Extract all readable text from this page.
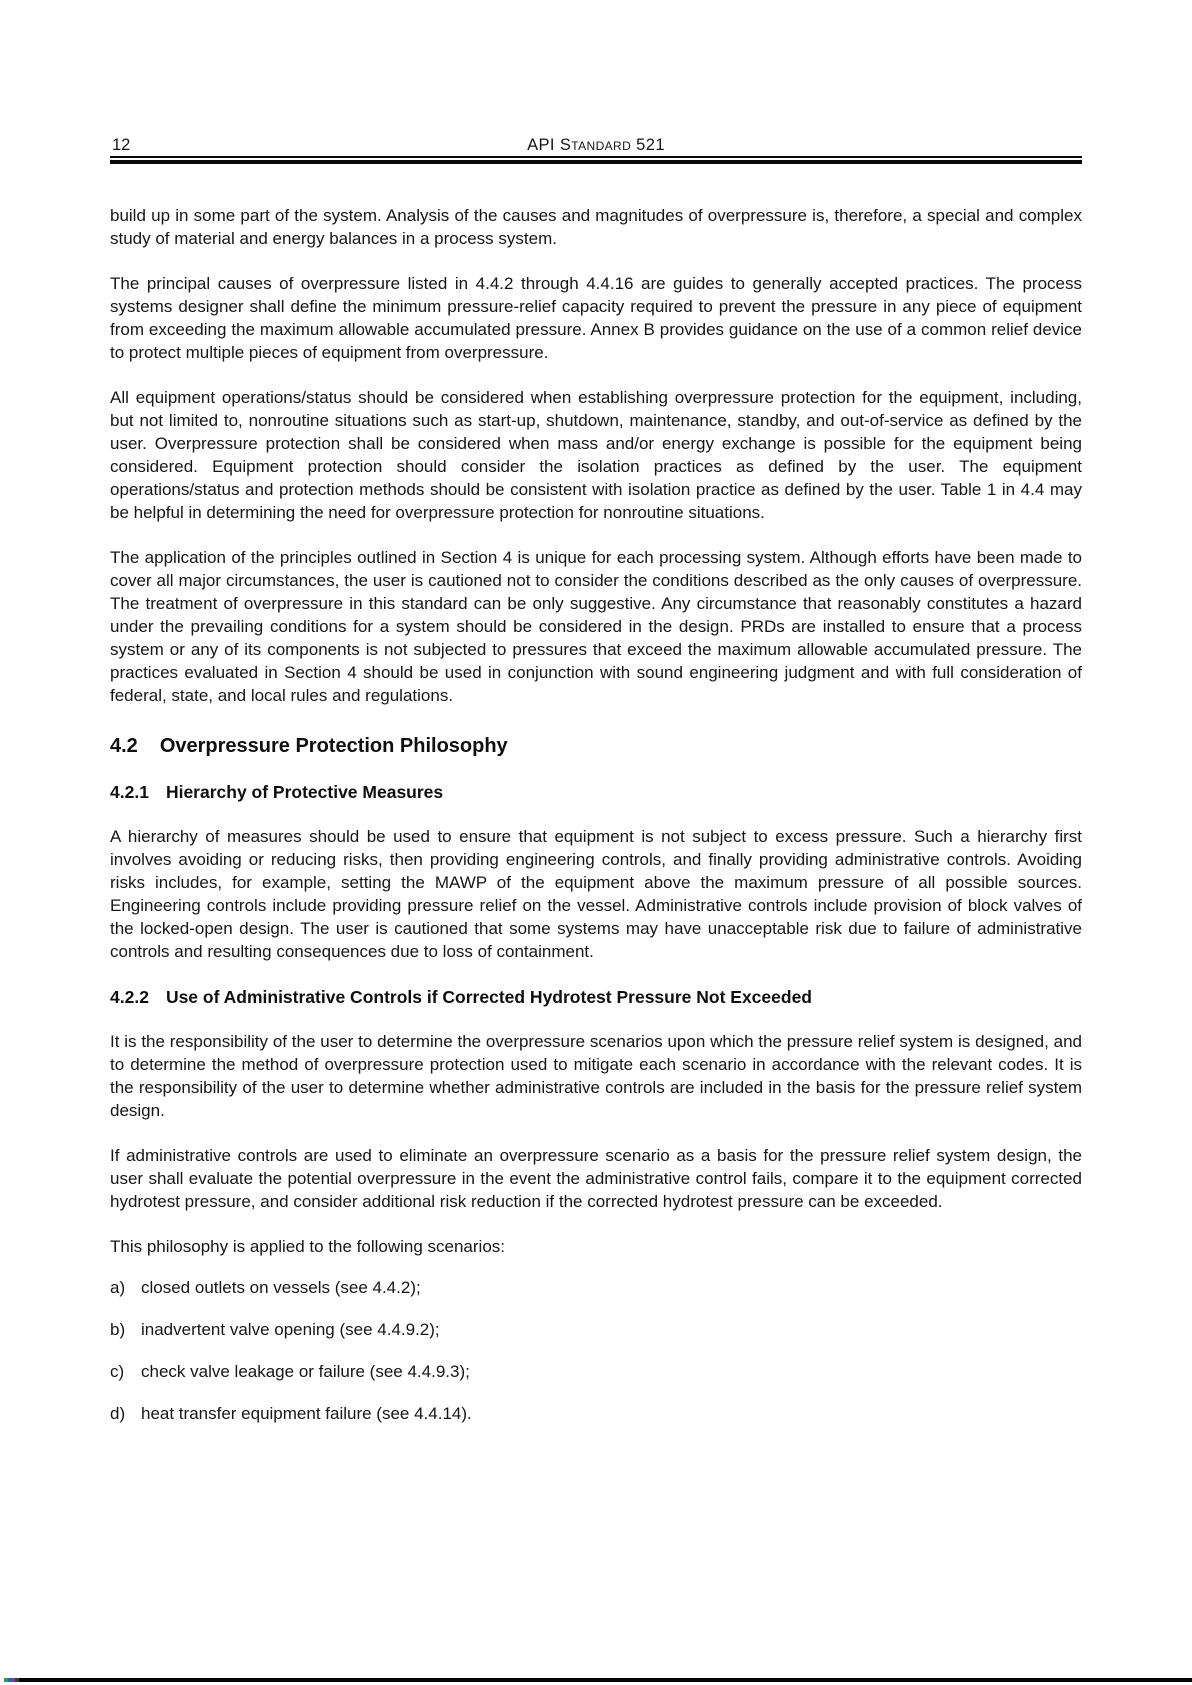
12	API Standard 521

build up in some part of the system. Analysis of the causes and magnitudes of overpressure is, therefore, a special and complex study of material and energy balances in a process system.

The principal causes of overpressure listed in 4.4.2 through 4.4.16 are guides to generally accepted practices. The process systems designer shall define the minimum pressure-relief capacity required to prevent the pressure in any piece of equipment from exceeding the maximum allowable accumulated pressure. Annex B provides guidance on the use of a common relief device to protect multiple pieces of equipment from overpressure.

All equipment operations/status should be considered when establishing overpressure protection for the equipment, including, but not limited to, nonroutine situations such as start-up, shutdown, maintenance, standby, and out-of-service as defined by the user. Overpressure protection shall be considered when mass and/or energy exchange is possible for the equipment being considered. Equipment protection should consider the isolation practices as defined by the user. The equipment operations/status and protection methods should be consistent with isolation practice as defined by the user. Table 1 in 4.4 may be helpful in determining the need for overpressure protection for nonroutine situations.

The application of the principles outlined in Section 4 is unique for each processing system. Although efforts have been made to cover all major circumstances, the user is cautioned not to consider the conditions described as the only causes of overpressure. The treatment of overpressure in this standard can be only suggestive. Any circumstance that reasonably constitutes a hazard under the prevailing conditions for a system should be considered in the design. PRDs are installed to ensure that a process system or any of its components is not subjected to pressures that exceed the maximum allowable accumulated pressure. The practices evaluated in Section 4 should be used in conjunction with sound engineering judgment and with full consideration of federal, state, and local rules and regulations.

4.2 Overpressure Protection Philosophy
4.2.1 Hierarchy of Protective Measures

A hierarchy of measures should be used to ensure that equipment is not subject to excess pressure. Such a hierarchy first involves avoiding or reducing risks, then providing engineering controls, and finally providing administrative controls. Avoiding risks includes, for example, setting the MAWP of the equipment above the maximum pressure of all possible sources. Engineering controls include providing pressure relief on the vessel. Administrative controls include provision of block valves of the locked-open design. The user is cautioned that some systems may have unacceptable risk due to failure of administrative controls and resulting consequences due to loss of containment.

4.2.2 Use of Administrative Controls if Corrected Hydrotest Pressure Not Exceeded

It is the responsibility of the user to determine the overpressure scenarios upon which the pressure relief system is designed, and to determine the method of overpressure protection used to mitigate each scenario in accordance with the relevant codes. It is the responsibility of the user to determine whether administrative controls are included in the basis for the pressure relief system design.

If administrative controls are used to eliminate an overpressure scenario as a basis for the pressure relief system design, the user shall evaluate the potential overpressure in the event the administrative control fails, compare it to the equipment corrected hydrotest pressure, and consider additional risk reduction if the corrected hydrotest pressure can be exceeded.

This philosophy is applied to the following scenarios:

a) closed outlets on vessels (see 4.4.2);
b) inadvertent valve opening (see 4.4.9.2);
c) check valve leakage or failure (see 4.4.9.3);
d) heat transfer equipment failure (see 4.4.14).
